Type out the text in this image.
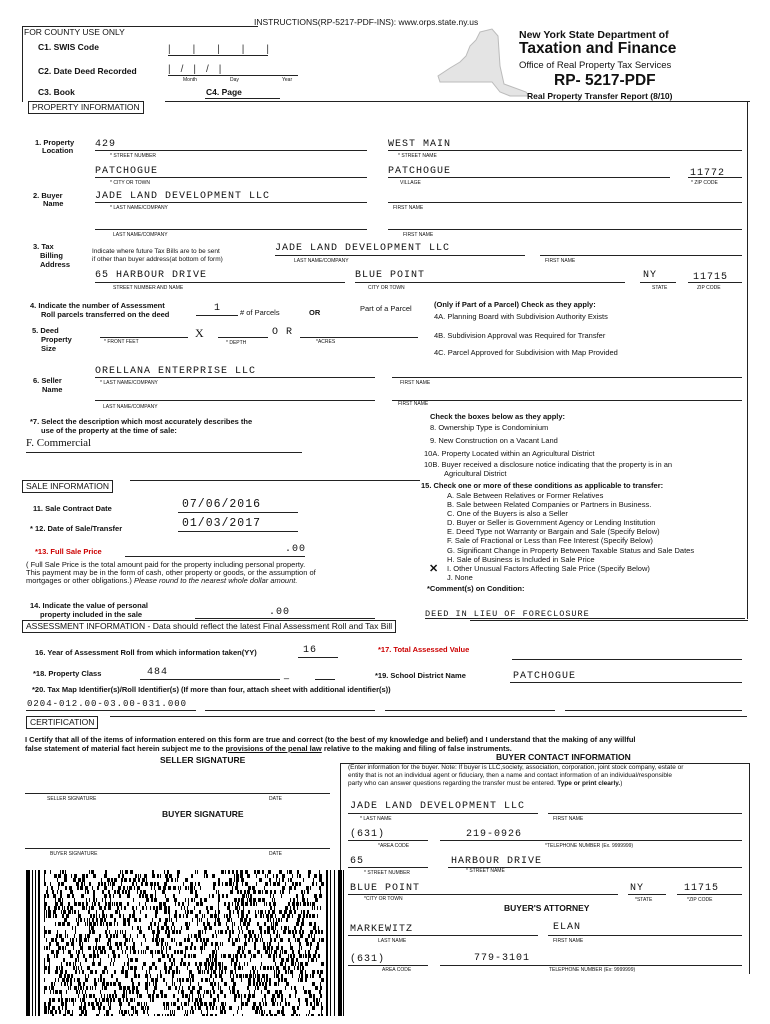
INSTRUCTIONS(RP-5217-PDF-INS): www.orps.state.ny.us
FOR COUNTY USE ONLY
C1. SWIS Code	|||||
C2. Date Deed Recorded	|/|/|
Month	Day	Year
C3. Book	C4. Page
New York State Department of
Taxation and Finance
Office of Real Property Tax Services
RP- 5217-PDF
Real Property Transfer Report (8/10)
PROPERTY INFORMATION
1. Property
Location
429	WEST MAIN
* STREET NUMBER	* STREET NAME
PATCHOGUE	PATCHOGUE	11772
* CITY OR TOWN	VILLAGE	* ZIP CODE
2. Buyer
Name
JADE LAND DEVELOPMENT LLC
* LAST NAME/COMPANY	FIRST NAME
LAST NAME/COMPANY	FIRST NAME
3. Tax
Billing
Address
Indicate where future Tax Bills are to be sent
if other than buyer address(at bottom of form)
JADE LAND DEVELOPMENT LLC
LAST NAME/COMPANY	FIRST NAME
65 HARBOUR DRIVE	BLUE POINT	NY	11715
STREET NUMBER AND NAME	CITY OR TOWN	STATE	ZIP CODE
4. Indicate the number of Assessment
Roll parcels transferred on the deed
1	# of Parcels	OR	Part of a Parcel	(Only if Part of a Parcel) Check as they apply:
4A. Planning Board with Subdivision Authority Exists
4B. Subdivision Approval was Required for Transfer
4C. Parcel Approved for Subdivision with Map Provided
5. Deed
Property
Size
X	O R
* FRONT FEET	* DEPTH	*ACRES
6. Seller
Name
ORELLANA ENTERPRISE LLC
* LAST NAME/COMPANY	FIRST NAME
LAST NAME/COMPANY	FIRST NAME
*7. Select the description which most accurately describes the
use of the property at the time of sale:
F. Commercial
Check the boxes below as they apply:
8. Ownership Type is Condominium
9. New Construction on a Vacant Land
10A. Property Located within an Agricultural District
10B. Buyer received a disclosure notice indicating that the property is in an
Agricultural District
SALE INFORMATION
11. Sale Contract Date	07/06/2016
* 12. Date of Sale/Transfer	01/03/2017
*13. Full Sale Price	.00
( Full Sale Price is the total amount paid for the property including personal property.
This payment may be in the form of cash, other property or goods, or the assumption of
mortgages or other obligations.) Please round to the nearest whole dollar amount.
15. Check one or more of these conditions as applicable to transfer:
A. Sale Between Relatives or Former Relatives
B. Sale between Related Companies or Partners in Business.
C. One of the Buyers is also a Seller
D. Buyer or Seller is Government Agency or Lending Institution
E. Deed Type not Warranty or Bargain and Sale (Specify Below)
F. Sale of Fractional or Less than Fee Interest (Specify Below)
G. Significant Change in Property Between Taxable Status and Sale Dates
H. Sale of Business is Included in Sale Price
I. Other Unusual Factors Affecting Sale Price (Specify Below)
J. None
✕
*Comment(s) on Condition:
14. Indicate the value of personal
property included in the sale	.00	DEED IN LIEU OF FORECLOSURE
ASSESSMENT INFORMATION - Data should reflect the latest Final Assessment Roll and Tax Bill
16. Year of Assessment Roll from which information taken(YY)	16	*17. Total Assessed Value
*18. Property Class	484	_	*19. School District Name	PATCHOGUE
*20. Tax Map Identifier(s)/Roll Identifier(s) (If more than four, attach sheet with additional identifier(s))
0204-012.00-03.00-031.000
CERTIFICATION
I Certify that all of the items of information entered on this form are true and correct (to the best of my knowledge and belief) and I understand that the making of any willful
false statement of material fact herein subject me to the provisions of the penal law relative to the making and filing of false instruments.
SELLER SIGNATURE	BUYER CONTACT INFORMATION
(Enter information for the buyer. Note: If buyer is LLC,society, association, corporation, joint stock company, estate or
entity that is not an individual agent or fiduciary, then a name and contact information of an individual/responsible
party who can answer questions regarding the transfer must be entered. Type or print clearly.)
SELLER SIGNATURE	DATE
BUYER SIGNATURE
BUYER SIGNATURE	DATE
JADE LAND DEVELOPMENT LLC
* LAST NAME	FIRST NAME
(631)	219-0926
*AREA CODE	*TELEPHONE NUMBER (Ex. 9999999)
65	HARBOUR DRIVE
* STREET NUMBER	* STREET NAME
BLUE POINT	NY	11715
*CITY OR TOWN	*STATE	*ZIP CODE
BUYER'S ATTORNEY
MARKEWITZ	ELAN
LAST NAME	FIRST NAME
(631)	779-3101
AREA CODE	TELEPHONE NUMBER (Ex: 9999999)
